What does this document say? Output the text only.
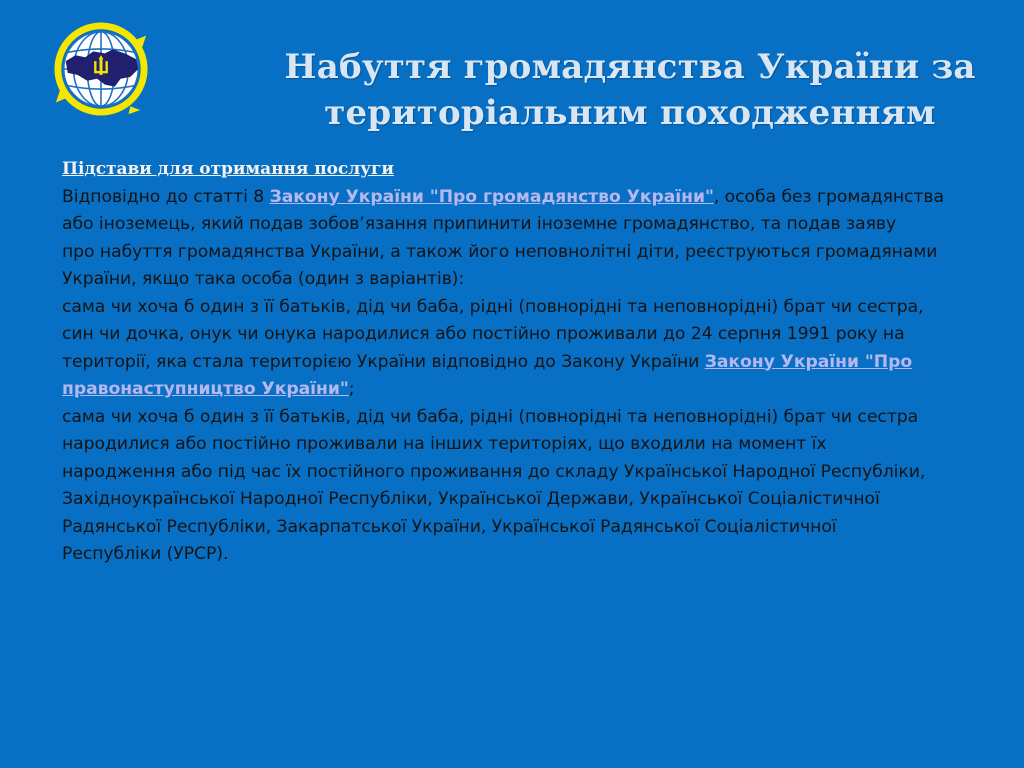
Набуття громадянства України за
територіальним походженням
Підстави для отримання послуги
Відповідно до статті 8 Закону України "Про громадянство України", особа без громадянства
або іноземець, який подав зобов’язання припинити іноземне громадянство, та подав заяву
про набуття громадянства України, а також його неповнолітні діти, реєструються громадянами
України, якщо така особа (один з варіантів):
сама чи хоча б один з її батьків, дід чи баба, рідні (повнорідні та неповнорідні) брат чи сестра,
син чи дочка, онук чи онука народилися або постійно проживали до 24 серпня 1991 року на
території, яка стала територією України відповідно до Закону України Закону України "Про
правонаступництво України";
сама чи хоча б один з її батьків, дід чи баба, рідні (повнорідні та неповнорідні) брат чи сестра
народилися або постійно проживали на інших територіях, що входили на момент їх
народження або під час їх постійного проживання до складу Української Народної Республіки,
Західноукраїнської Народної Республіки, Української Держави, Української Соціалістичної
Радянської Республіки, Закарпатської України, Української Радянської Соціалістичної
Республіки (УРСР).
